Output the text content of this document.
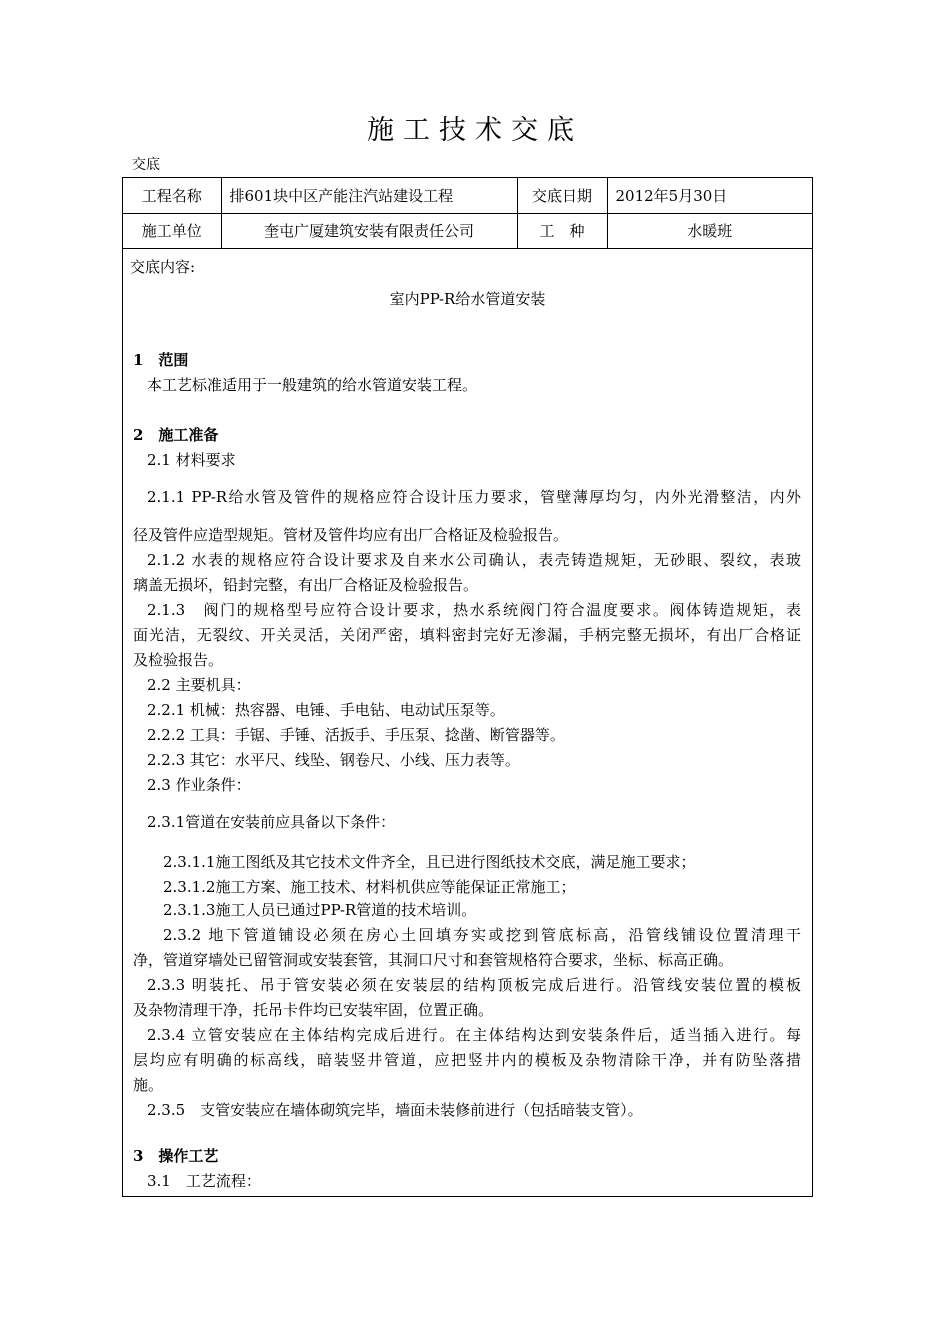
施工技术交底
交底
工程名称	排601块中区产能注汽站建设工程	交底日期	2012年5月30日
施工单位	奎屯广厦建筑安装有限责任公司	工　种	水暖班
交底内容:
室内PP-R给水管道安装
1　范围
本工艺标准适用于一般建筑的给水管道安装工程。
2　施工准备
2.1 材料要求
2.1.1 PP-R给水管及管件的规格应符合设计压力要求，管壁薄厚均匀，内外光滑整洁，内外
径及管件应造型规矩。管材及管件均应有出厂合格证及检验报告。
2.1.2 水表的规格应符合设计要求及自来水公司确认，表壳铸造规矩，无砂眼、裂纹，表玻
璃盖无损坏，铅封完整，有出厂合格证及检验报告。
2.1.3　阀门的规格型号应符合设计要求，热水系统阀门符合温度要求。阀体铸造规矩，表
面光洁，无裂纹、开关灵活，关闭严密，填料密封完好无渗漏，手柄完整无损坏，有出厂合格证
及检验报告。
2.2 主要机具：
2.2.1 机械：热容器、电锤、手电钻、电动试压泵等。
2.2.2 工具：手锯、手锤、活扳手、手压泵、捻凿、断管器等。
2.2.3 其它：水平尺、线坠、钢卷尺、小线、压力表等。
2.3 作业条件：
2.3.1管道在安装前应具备以下条件：
2.3.1.1施工图纸及其它技术文件齐全，且已进行图纸技术交底，满足施工要求；
2.3.1.2施工方案、施工技术、材料机供应等能保证正常施工；
2.3.1.3施工人员已通过PP-R管道的技术培训。
2.3.2 地下管道铺设必须在房心土回填夯实或挖到管底标高，沿管线铺设位置清理干
净，管道穿墙处已留管洞或安装套管，其洞口尺寸和套管规格符合要求，坐标、标高正确。
2.3.3 明装托、吊于管安装必须在安装层的结构顶板完成后进行。沿管线安装位置的模板
及杂物清理干净，托吊卡件均已安装牢固，位置正确。
2.3.4 立管安装应在主体结构完成后进行。在主体结构达到安装条件后，适当插入进行。每
层均应有明确的标高线，暗装竖井管道，应把竖井内的模板及杂物清除干净，并有防坠落措
施。
2.3.5　支管安装应在墙体砌筑完毕，墙面未装修前进行（包括暗装支管）。
3　操作工艺
3.1　工艺流程：
